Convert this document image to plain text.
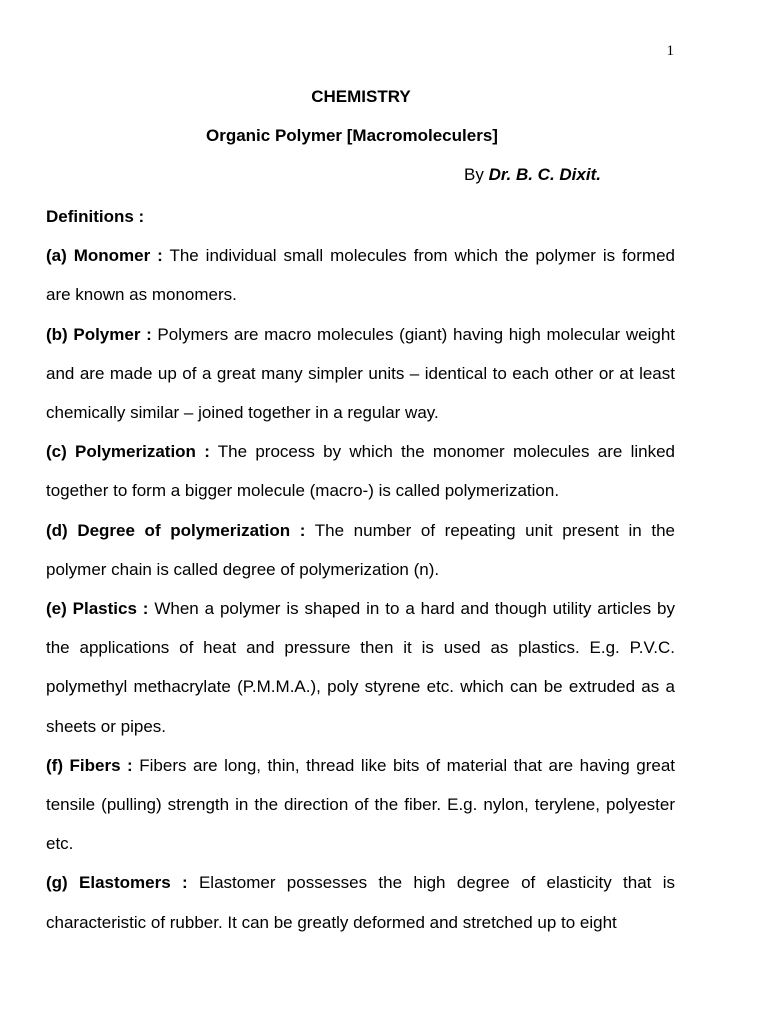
1
CHEMISTRY
Organic Polymer [Macromoleculers]
By Dr. B. C. Dixit.

Definitions :

(a) Monomer : The individual small molecules from which the polymer is formed are known as monomers.

(b) Polymer : Polymers are macro molecules (giant) having high molecular weight and are made up of a great many simpler units – identical to each other or at least chemically similar – joined together in a regular way.

(c) Polymerization : The process by which the monomer molecules are linked together to form a bigger molecule (macro-) is called polymerization.

(d) Degree of polymerization : The number of repeating unit present in the polymer chain is called degree of polymerization (n).

(e) Plastics : When a polymer is shaped in to a hard and though utility articles by the applications of heat and pressure then it is used as plastics. E.g. P.V.C. polymethyl methacrylate (P.M.M.A.), poly styrene etc. which can be extruded as a sheets or pipes.

(f) Fibers : Fibers are long, thin, thread like bits of material that are having great tensile (pulling) strength in the direction of the fiber. E.g. nylon, terylene, polyester etc.

(g) Elastomers : Elastomer possesses the high degree of elasticity that is characteristic of rubber. It can be greatly deformed and stretched up to eight
